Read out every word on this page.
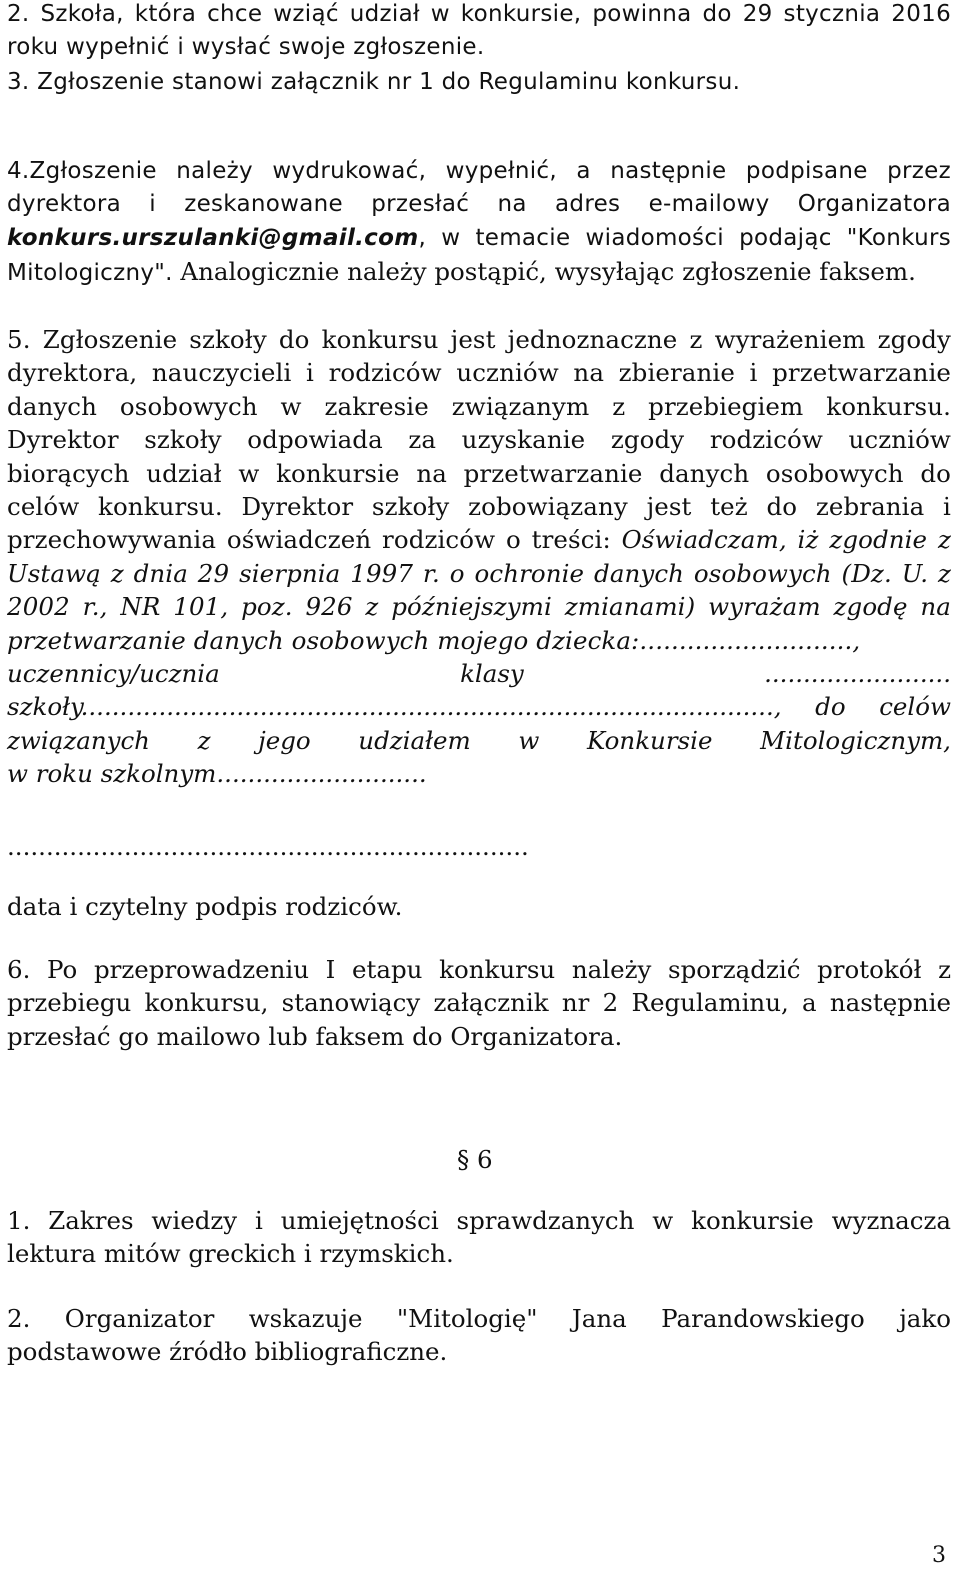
2. Szkoła, która chce wziąć udział w konkursie, powinna do 29 stycznia 2016 roku wypełnić i wysłać swoje zgłoszenie.

3. Zgłoszenie stanowi załącznik nr 1 do Regulaminu konkursu.

4.Zgłoszenie należy wydrukować, wypełnić, a następnie podpisane przez dyrektora i zeskanowane przesłać na adres e-mailowy Organizatora konkurs.urszulanki@gmail.com, w temacie wiadomości podając "Konkurs Mitologiczny". Analogicznie należy postąpić, wysyłając zgłoszenie faksem.

5. Zgłoszenie szkoły do konkursu jest jednoznaczne z wyrażeniem zgody dyrektora, nauczycieli i rodziców uczniów na zbieranie i przetwarzanie danych osobowych w zakresie związanym z przebiegiem konkursu. Dyrektor szkoły odpowiada za uzyskanie zgody rodziców uczniów biorących udział w konkursie na przetwarzanie danych osobowych do celów konkursu. Dyrektor szkoły zobowiązany jest też do zebrania i przechowywania oświadczeń rodziców o treści: Oświadczam, iż zgodnie z Ustawą z dnia 29 sierpnia 1997 r. o ochronie danych osobowych (Dz. U. z 2002 r., NR 101, poz. 926 z późniejszymi zmianami) wyrażam zgodę na przetwarzanie danych osobowych mojego dziecka:...........................,

uczennicy/ucznia	klasy	........................
szkoły........................................................................................., do celów
związanych z jego udziałem w Konkursie Mitologicznym,
w roku szkolnym...........................
...................................................................
data i czytelny podpis rodziców.

6. Po przeprowadzeniu I etapu konkursu należy sporządzić protokół z przebiegu konkursu, stanowiący załącznik nr 2 Regulaminu, a następnie przesłać go mailowo lub faksem do Organizatora.

§ 6

1. Zakres wiedzy i umiejętności sprawdzanych w konkursie wyznacza lektura mitów greckich i rzymskich.

2. Organizator wskazuje "Mitologię" Jana Parandowskiego jako podstawowe źródło bibliograficzne.

3
